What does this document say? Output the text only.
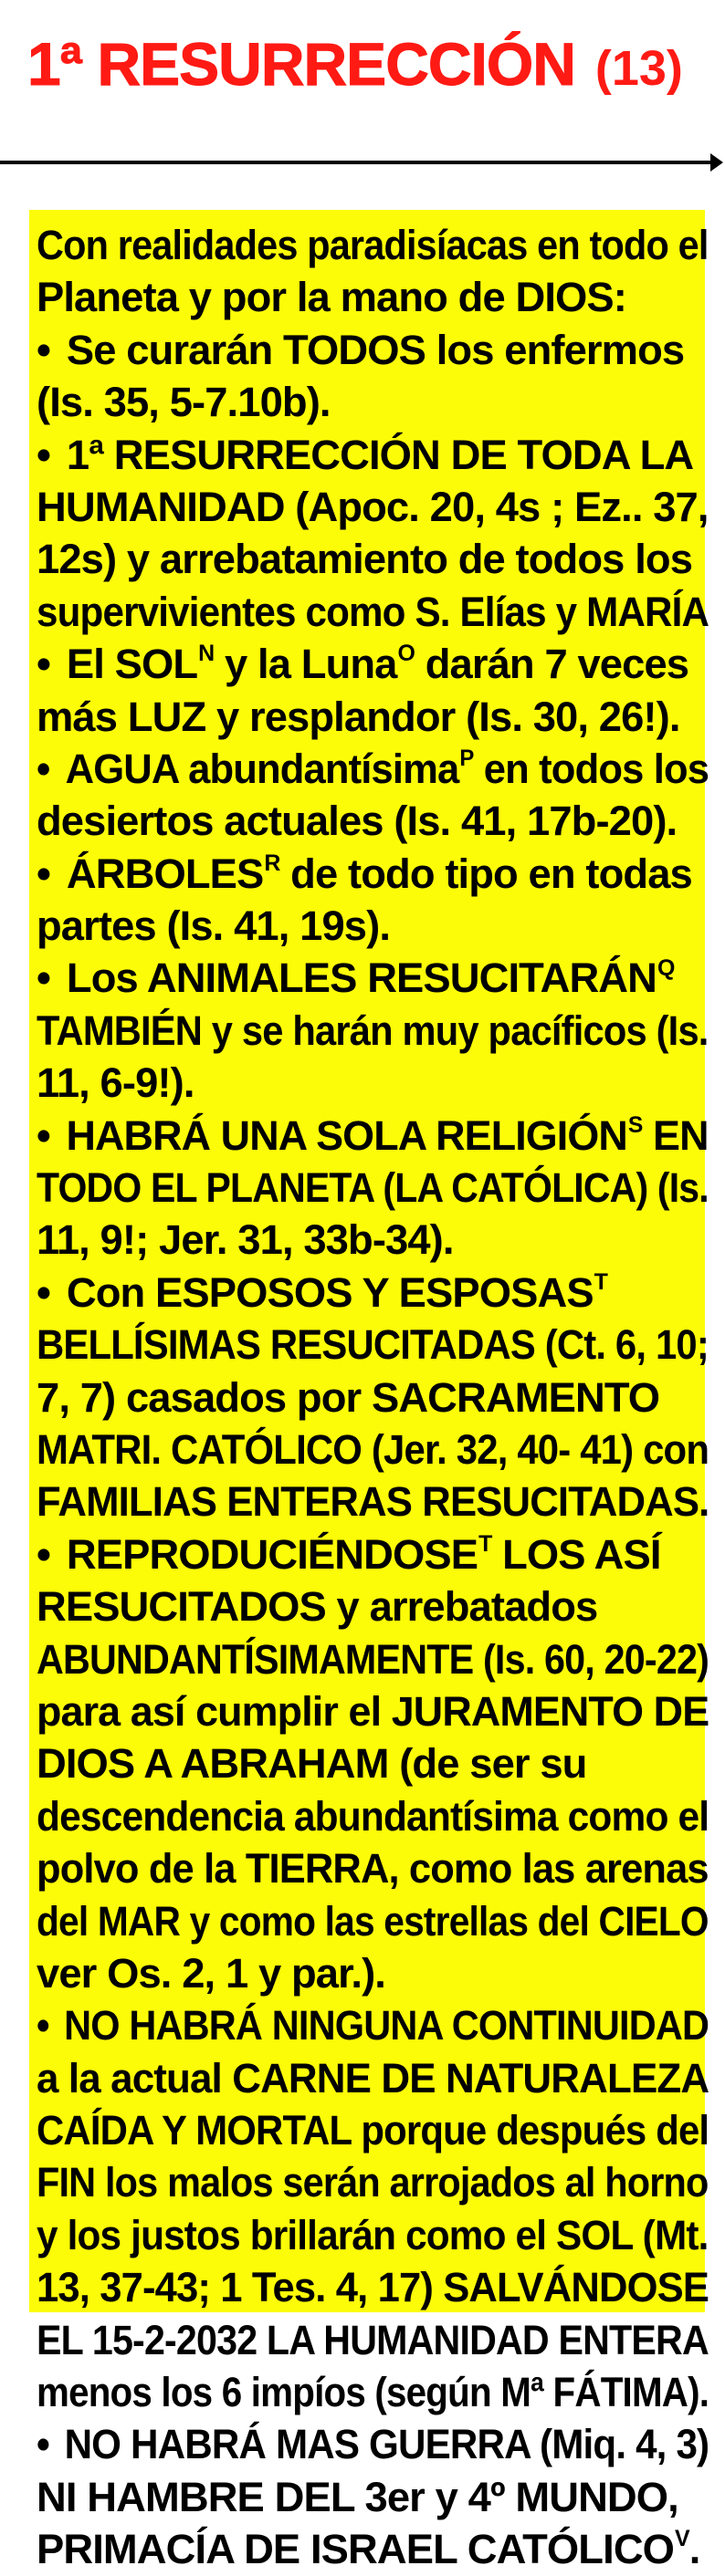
1ª RESURRECCIÓN (13)
Con realidades paradisíacas en todo el
Planeta y por la mano de DIOS:
• Se curarán TODOS los enfermos
(Is. 35, 5-7.10b).
• 1ª RESURRECCIÓN DE TODA LA
HUMANIDAD (Apoc. 20, 4s ; Ez.. 37,
12s) y arrebatamiento de todos los
supervivientes como S. Elías y MARÍA
• El $SOL^N$ y la Luna$^O$ darán 7 veces
más LUZ y resplandor (Is. 30, 26!).
• AGUA abundantísima$^P$ en todos los
desiertos actuales (Is. 41, 17b-20).
• $ÁRBOLES^R$ de todo tipo en todas
partes (Is. 41, 19s).
• Los ANIMALES $RESUCITARÁN^Q$
TAMBIÉN y se harán muy pacíficos (Is.
11, 6-9!).
• HABRÁ UNA SOLA $RELIGIÓN^S$ EN
TODO EL PLANETA (LA CATÓLICA) (Is.
11, 9!; Jer. 31, 33b-34).
• Con ESPOSOS Y $ESPOSAS^T$
BELLÍSIMAS RESUCITADAS (Ct. 6, 10;
7, 7) casados por SACRAMENTO
MATRI. CATÓLICO (Jer. 32, 40- 41) con
FAMILIAS ENTERAS RESUCITADAS.
• $REPRODUCIÉNDOSE^T$ LOS ASÍ
RESUCITADOS y arrebatados
ABUNDANTÍSIMAMENTE (Is. 60, 20-22)
para así cumplir el JURAMENTO DE
DIOS A ABRAHAM (de ser su
descendencia abundantísima como el
polvo de la TIERRA, como las arenas
del MAR y como las estrellas del CIELO
ver Os. 2, 1 y par.).
• NO HABRÁ NINGUNA CONTINUIDAD
a la actual CARNE DE NATURALEZA
CAÍDA Y MORTAL porque después del
FIN los malos serán arrojados al horno
y los justos brillarán como el SOL (Mt.
13, 37-43; 1 Tes. 4, 17) SALVÁNDOSE
EL 15-2-2032 LA HUMANIDAD ENTERA
menos los 6 impíos (según Mª FÁTIMA).
• NO HABRÁ MAS GUERRA (Miq. 4, 3)
NI HAMBRE DEL 3er y 4º MUNDO,
PRIMACÍA DE ISRAEL $CATÓLICO^V$.
